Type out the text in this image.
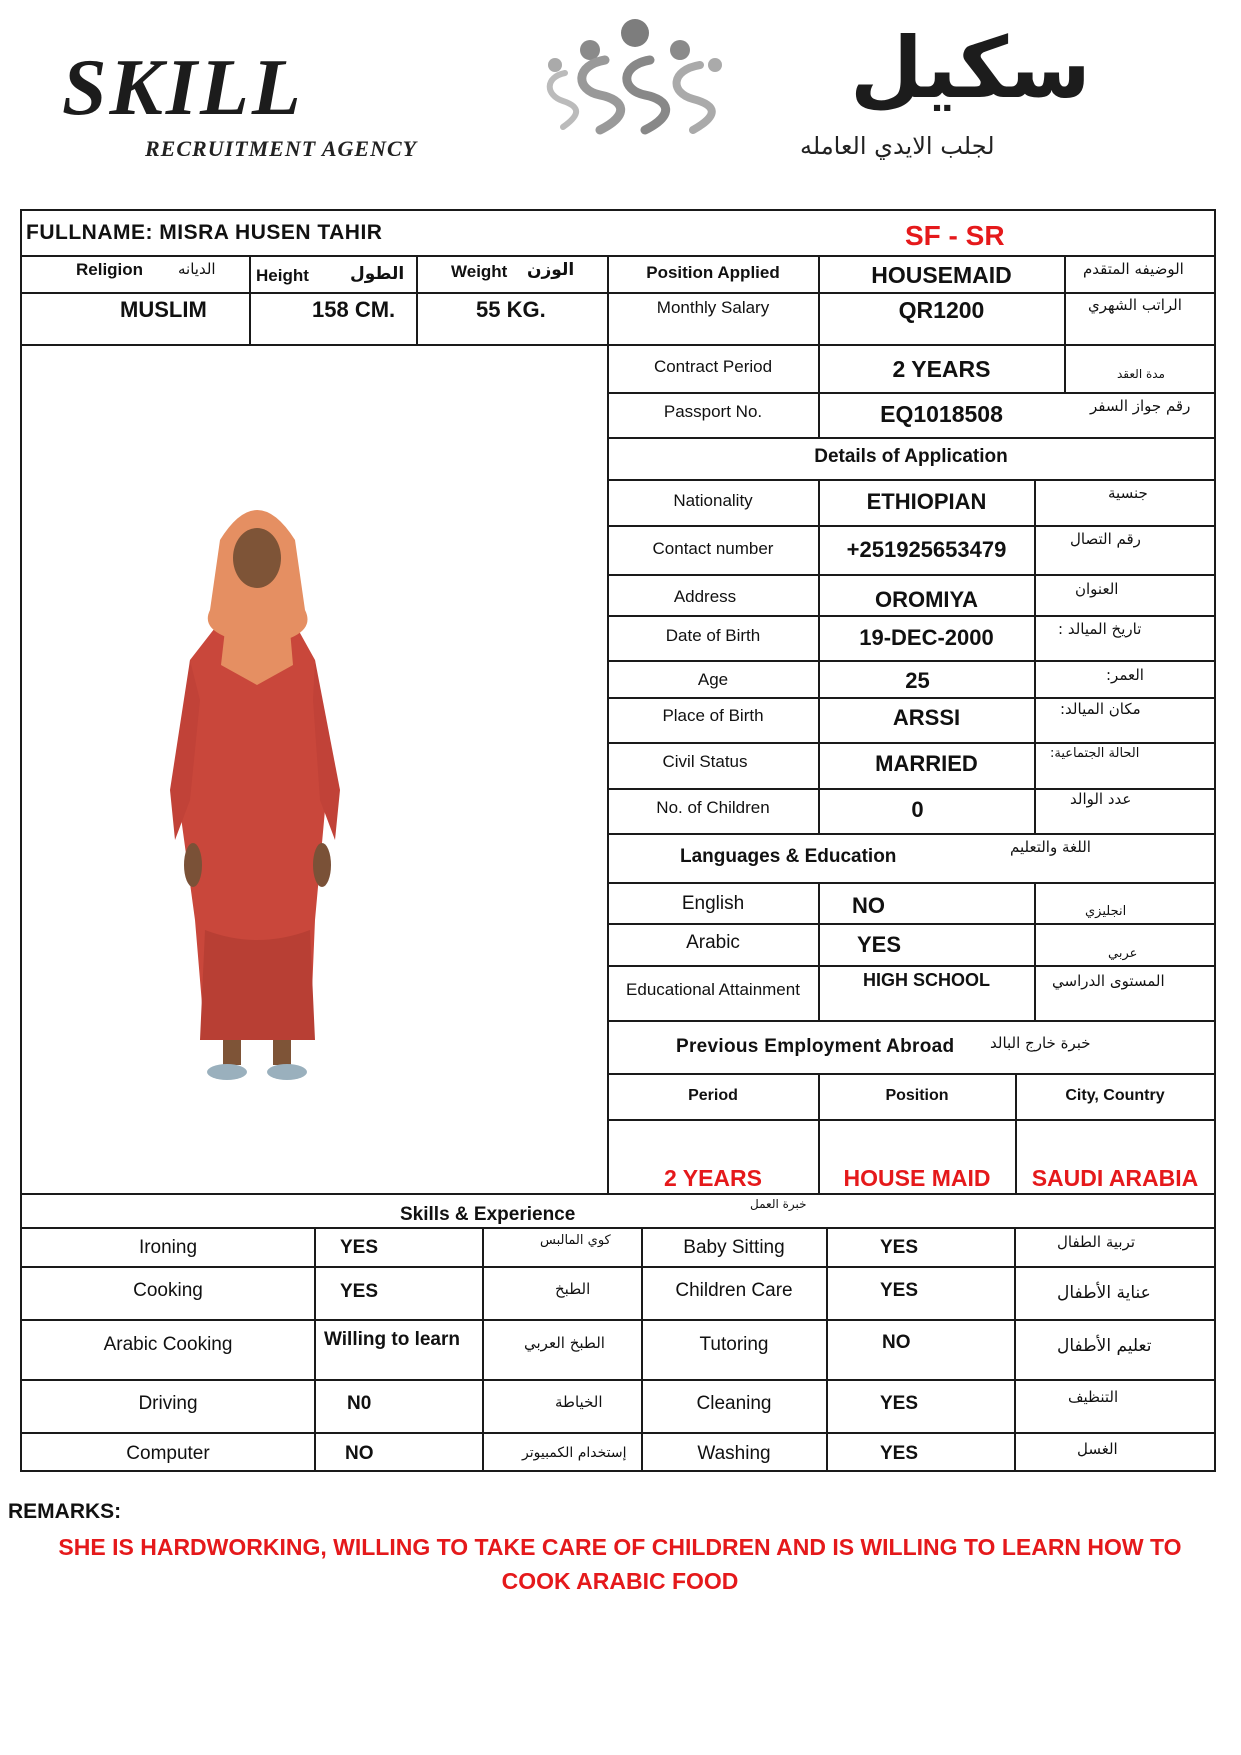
SKILL
RECRUITMENT AGENCY
سكيل
لجلب الايدي العامله
FULLNAME: MISRA HUSEN TAHIR	SF - SR
Religion الديانه Height الطول	Weight الوزن
MUSLIM	158 CM.	55 KG.
Position Applied	HOUSEMAID	الوضيفه المتقدم
Monthly Salary	QR1200	الراتب الشهري
Contract Period	2 YEARS	مدة العقد
Passport No.	EQ1018508	رقم جواز السفر
Details of Application
Nationality	ETHIOPIAN	جنسية
Contact number	+251925653479	رقم التصال
Address	OROMIYA	العنوان
Date of Birth	19-DEC-2000	تاريخ الميالد :
Age	25	العمر:
Place of Birth	ARSSI	مكان الميالد:
Civil Status	MARRIED	الحالة الجتماعية:
No. of Children	0	عدد الوالد
Languages & Education	اللغة والتعليم
English	NO	انجليزي
Arabic	YES	عربي
Educational Attainment	HIGH SCHOOL	المستوى الدراسي
Previous Employment Abroad خبرة خارج البالد
Period	Position	City, Country
2 YEARS	HOUSE MAID	SAUDI ARABIA
Skills & Experience	خبرة العمل
Ironing	YES	كوي المالبس	Baby Sitting	YES	تربية الطفال
Cooking	YES	الطبخ	Children Care	YES	عناية الأطفال
Arabic Cooking	Willing to learn	الطبخ العربي	Tutoring	NO	تعليم الأطفال
Driving	N0	الخياطة	Cleaning	YES	التنظيف
Computer	NO	إستخدام الكمبيوتر	Washing	YES	الغسل
REMARKS:
SHE IS HARDWORKING, WILLING TO TAKE CARE OF CHILDREN AND IS WILLING TO LEARN HOW TO COOK ARABIC FOOD
